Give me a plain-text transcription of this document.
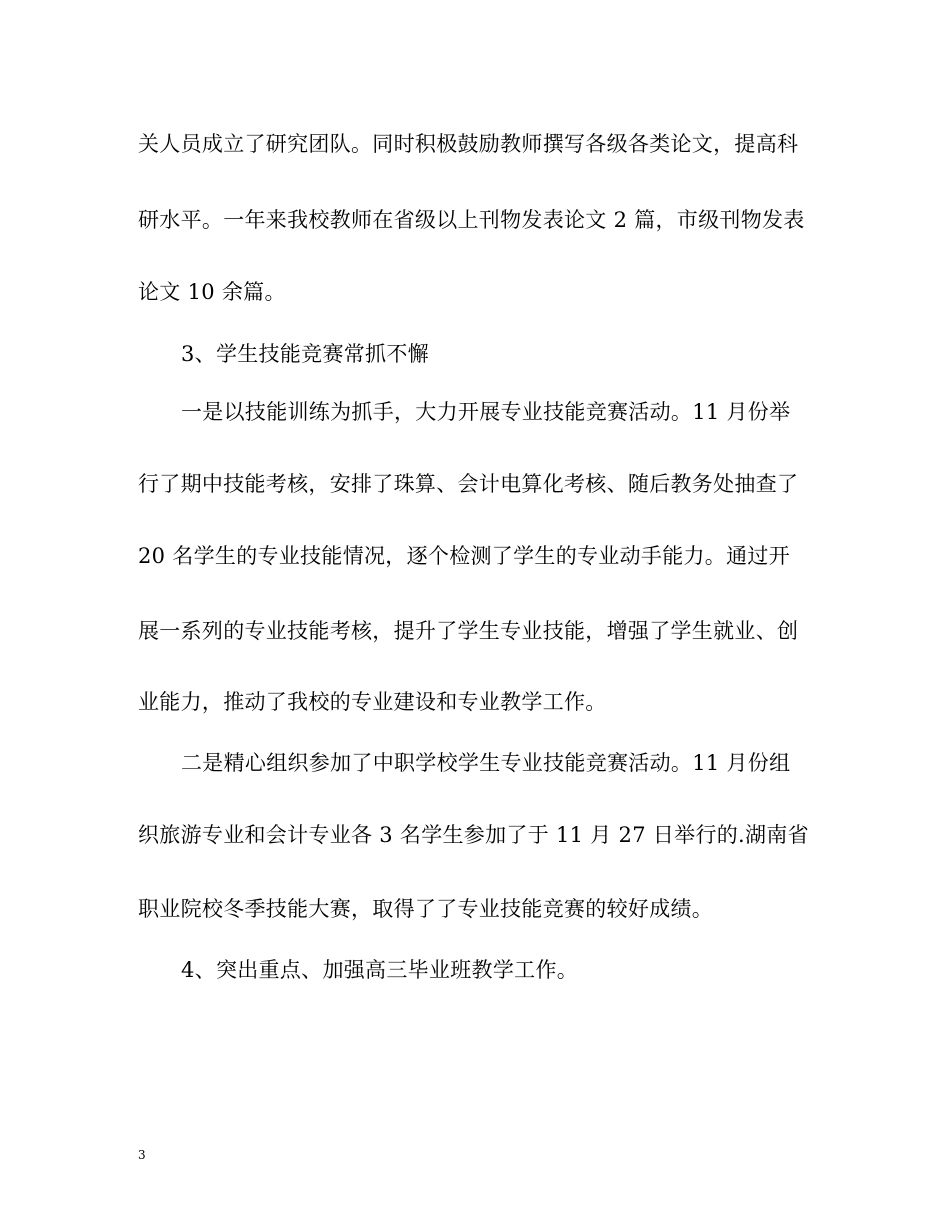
关人员成立了研究团队。同时积极鼓励教师撰写各级各类论文，提高科
研水平。一年来我校教师在省级以上刊物发表论文 2 篇，市级刊物发表
论文 10 余篇。
3、学生技能竞赛常抓不懈
一是以技能训练为抓手，大力开展专业技能竞赛活动。11 月份举
行了期中技能考核，安排了珠算、会计电算化考核、随后教务处抽查了
20 名学生的专业技能情况，逐个检测了学生的专业动手能力。通过开
展一系列的专业技能考核，提升了学生专业技能，增强了学生就业、创
业能力，推动了我校的专业建设和专业教学工作。
二是精心组织参加了中职学校学生专业技能竞赛活动。11 月份组
织旅游专业和会计专业各 3 名学生参加了于 11 月 27 日举行的.湖南省
职业院校冬季技能大赛，取得了了专业技能竞赛的较好成绩。
4、突出重点、加强高三毕业班教学工作。
3
